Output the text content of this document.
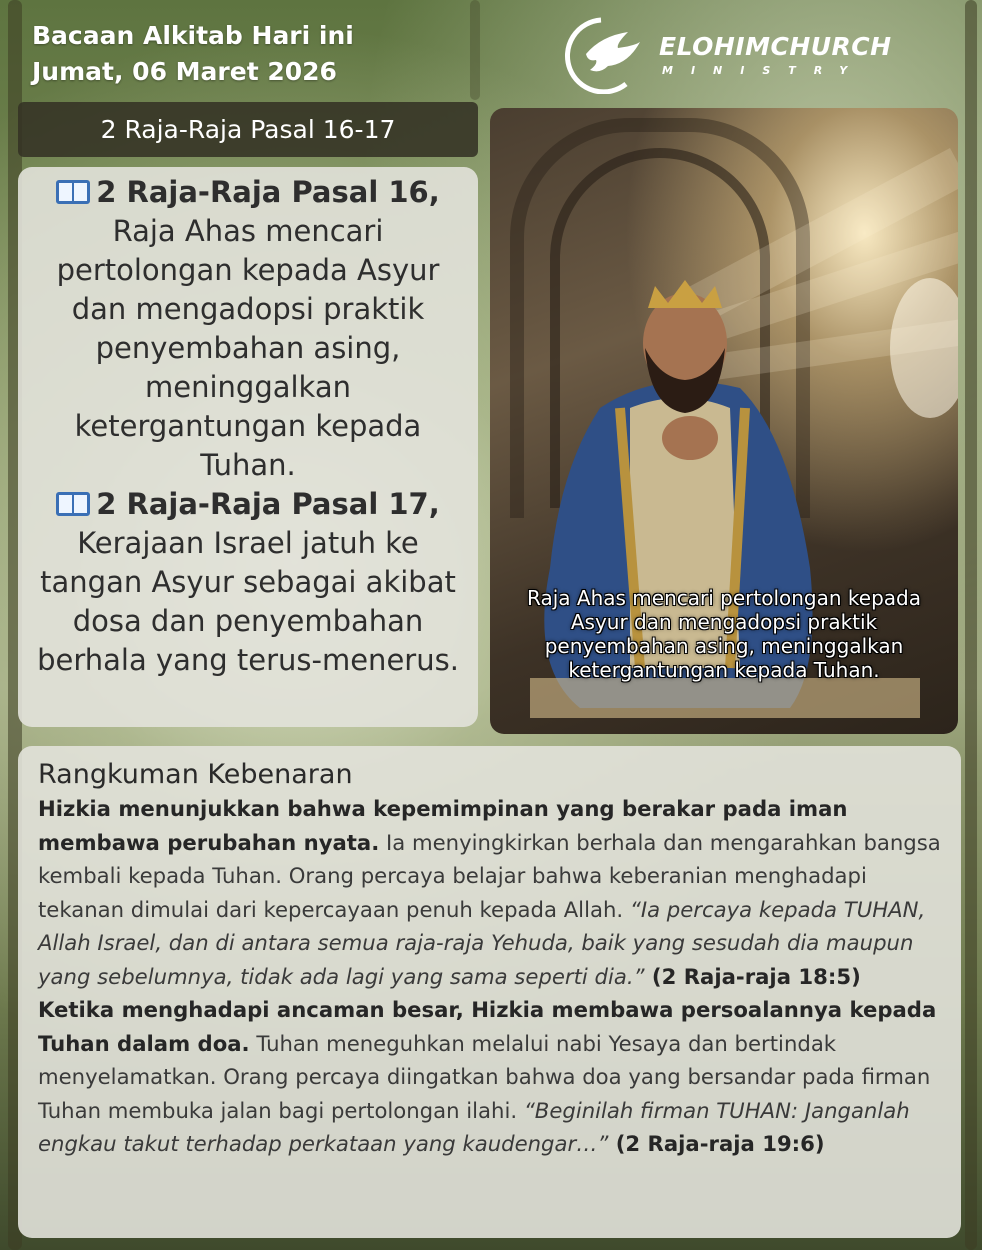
Bacaan Alkitab Hari ini
Jumat, 06 Maret 2026
ELOHIMCHURCH
MINISTRY
2 Raja-Raja Pasal 16-17
2 Raja-Raja Pasal 16,
Raja Ahas mencari pertolongan kepada Asyur dan mengadopsi praktik penyembahan asing, meninggalkan ketergantungan kepada Tuhan.
2 Raja-Raja Pasal 17,
Kerajaan Israel jatuh ke tangan Asyur sebagai akibat dosa dan penyembahan berhala yang terus-menerus.
Raja Ahas mencari pertolongan kepada Asyur dan mengadopsi praktik penyembahan asing, meninggalkan ketergantungan kepada Tuhan.
Rangkuman Kebenaran
Hizkia menunjukkan bahwa kepemimpinan yang berakar pada iman membawa perubahan nyata. Ia menyingkirkan berhala dan mengarahkan bangsa kembali kepada Tuhan. Orang percaya belajar bahwa keberanian menghadapi tekanan dimulai dari kepercayaan penuh kepada Allah. “Ia percaya kepada TUHAN, Allah Israel, dan di antara semua raja-raja Yehuda, baik yang sesudah dia maupun yang sebelumnya, tidak ada lagi yang sama seperti dia.” (2 Raja-raja 18:5)
Ketika menghadapi ancaman besar, Hizkia membawa persoalannya kepada Tuhan dalam doa. Tuhan meneguhkan melalui nabi Yesaya dan bertindak menyelamatkan. Orang percaya diingatkan bahwa doa yang bersandar pada firman Tuhan membuka jalan bagi pertolongan ilahi. “Beginilah firman TUHAN: Janganlah engkau takut terhadap perkataan yang kaudengar…” (2 Raja-raja 19:6)
